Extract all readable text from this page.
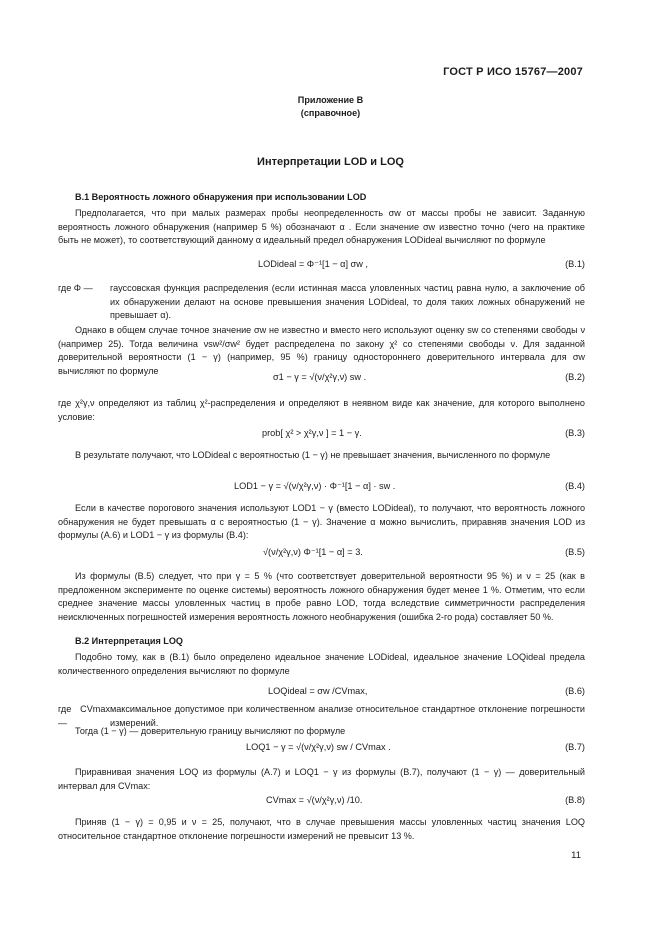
ГОСТ Р ИСО 15767—2007
Приложение В
(справочное)
Интерпретации LOD и LOQ
В.1 Вероятность ложного обнаружения при использовании LOD

Предполагается, что при малых размерах пробы неопределенность σw от массы пробы не зависит. Заданную вероятность ложного обнаружения (например 5 %) обозначают α . Если значение σw известно точно (чего на практике быть не может), то соответствующий данному α идеальный предел обнаружения LODideal вычисляют по формуле

LODideal = Φ⁻¹[1 − α] σw ,	(В.1)
где Φ —	гауссовская функция распределения (если истинная масса уловленных частиц равна нулю, а заключение об их обнаружении делают на основе превышения значения LODideal, то доля таких ложных обнаружений не превышает α).

Однако в общем случае точное значение σw не известно и вместо него используют оценку sw со степенями свободы ν (например 25). Тогда величина νsw²/σw² будет распределена по закону χ² со степенями свободы ν. Для заданной доверительной вероятности (1 − γ) (например, 95 %) границу одностороннего доверительного интервала для σw вычисляют по формуле

σ1 − γ = √(ν/χ²γ,ν) sw .	(В.2)

где χ²γ,ν определяют из таблиц χ²-распределения и определяют в неявном виде как значение, для которого выполнено условие:

prob[ χ² > χ²γ,ν ] = 1 − γ.	(В.3)

В результате получают, что LODideal с вероятностью (1 − γ) не превышает значения, вычисленного по формуле

LOD1 − γ = √(ν/χ²γ,ν) · Φ⁻¹[1 − α] · sw .	(В.4)

Если в качестве порогового значения используют LOD1 − γ (вместо LODideal), то получают, что вероятность ложного обнаружения не будет превышать α с вероятностью (1 − γ). Значение α можно вычислить, приравняв значения LOD из формулы (А.6) и LOD1 − γ из формулы (В.4):

√(ν/χ²γ,ν) Φ⁻¹[1 − α] = 3.	(В.5)

Из формулы (В.5) следует, что при γ = 5 % (что соответствует доверительной вероятности 95 %) и ν = 25 (как в предложенном эксперименте по оценке системы) вероятность ложного обнаружения будет менее 1 %. Отметим, что если среднее значение массы уловленных частиц в пробе равно LOD, тогда вследствие симметричности распределения неисключенных погрешностей измерения вероятность ложного необнаружения (ошибка 2-го рода) составляет 50 %.

В.2 Интерпретация LOQ

Подобно тому, как в (В.1) было определено идеальное значение LODideal, идеальное значение LOQideal предела количественного определения вычисляют по формуле

LOQideal = σw /CVmax,	(В.6)
где CVmax —
максимальное допустимое при количественном анализе относительное стандартное отклонение погрешности измерений.

Тогда (1 − γ) — доверительную границу вычисляют по формуле

LOQ1 − γ = √(ν/χ²γ,ν) sw / CVmax .	(В.7)

Приравнивая значения LOQ из формулы (А.7) и LOQ1 − γ из формулы (В.7), получают (1 − γ) — доверительный интервал для CVmax:

CVmax = √(ν/χ²γ,ν) /10.	(В.8)

Приняв (1 − γ) = 0,95 и ν = 25, получают, что в случае превышения массы уловленных частиц значения LOQ относительное стандартное отклонение погрешности измерений не превысит 13 %.

11
